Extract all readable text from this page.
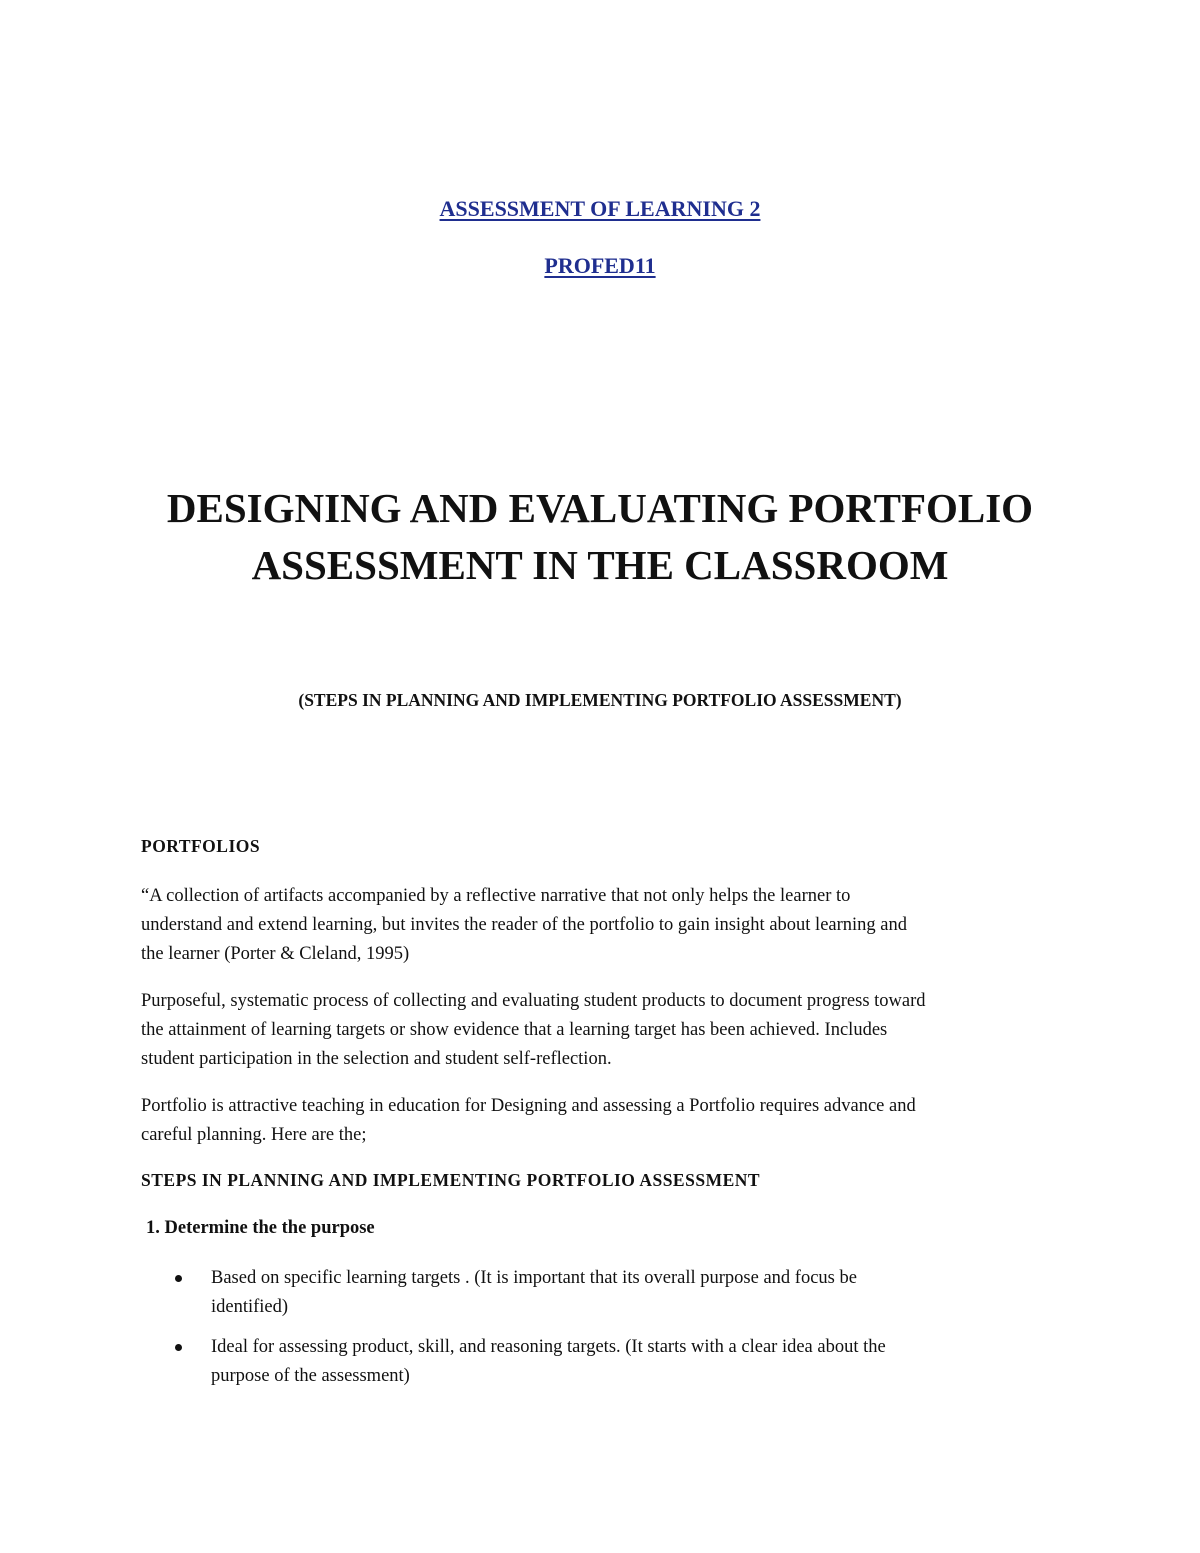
ASSESSMENT OF LEARNING 2
PROFED11
DESIGNING AND EVALUATING PORTFOLIO
ASSESSMENT IN THE CLASSROOM
(STEPS IN PLANNING AND IMPLEMENTING PORTFOLIO ASSESSMENT)
PORTFOLIOS
“A collection of artifacts accompanied by a reflective narrative that not only helps the learner to
understand and extend learning, but invites the reader of the portfolio to gain insight about learning and
the learner (Porter & Cleland, 1995)
Purposeful, systematic process of collecting and evaluating student products to document progress toward
the attainment of learning targets or show evidence that a learning target has been achieved. Includes
student participation in the selection and student self-reflection.
Portfolio is attractive teaching in education for Designing and assessing a Portfolio requires advance and
careful planning. Here are the;
STEPS IN PLANNING AND IMPLEMENTING PORTFOLIO ASSESSMENT
1. Determine the the purpose
Based on specific learning targets . (It is important that its overall purpose and focus be
identified)
Ideal for assessing product, skill, and reasoning targets. (It starts with a clear idea about the
purpose of the assessment)
